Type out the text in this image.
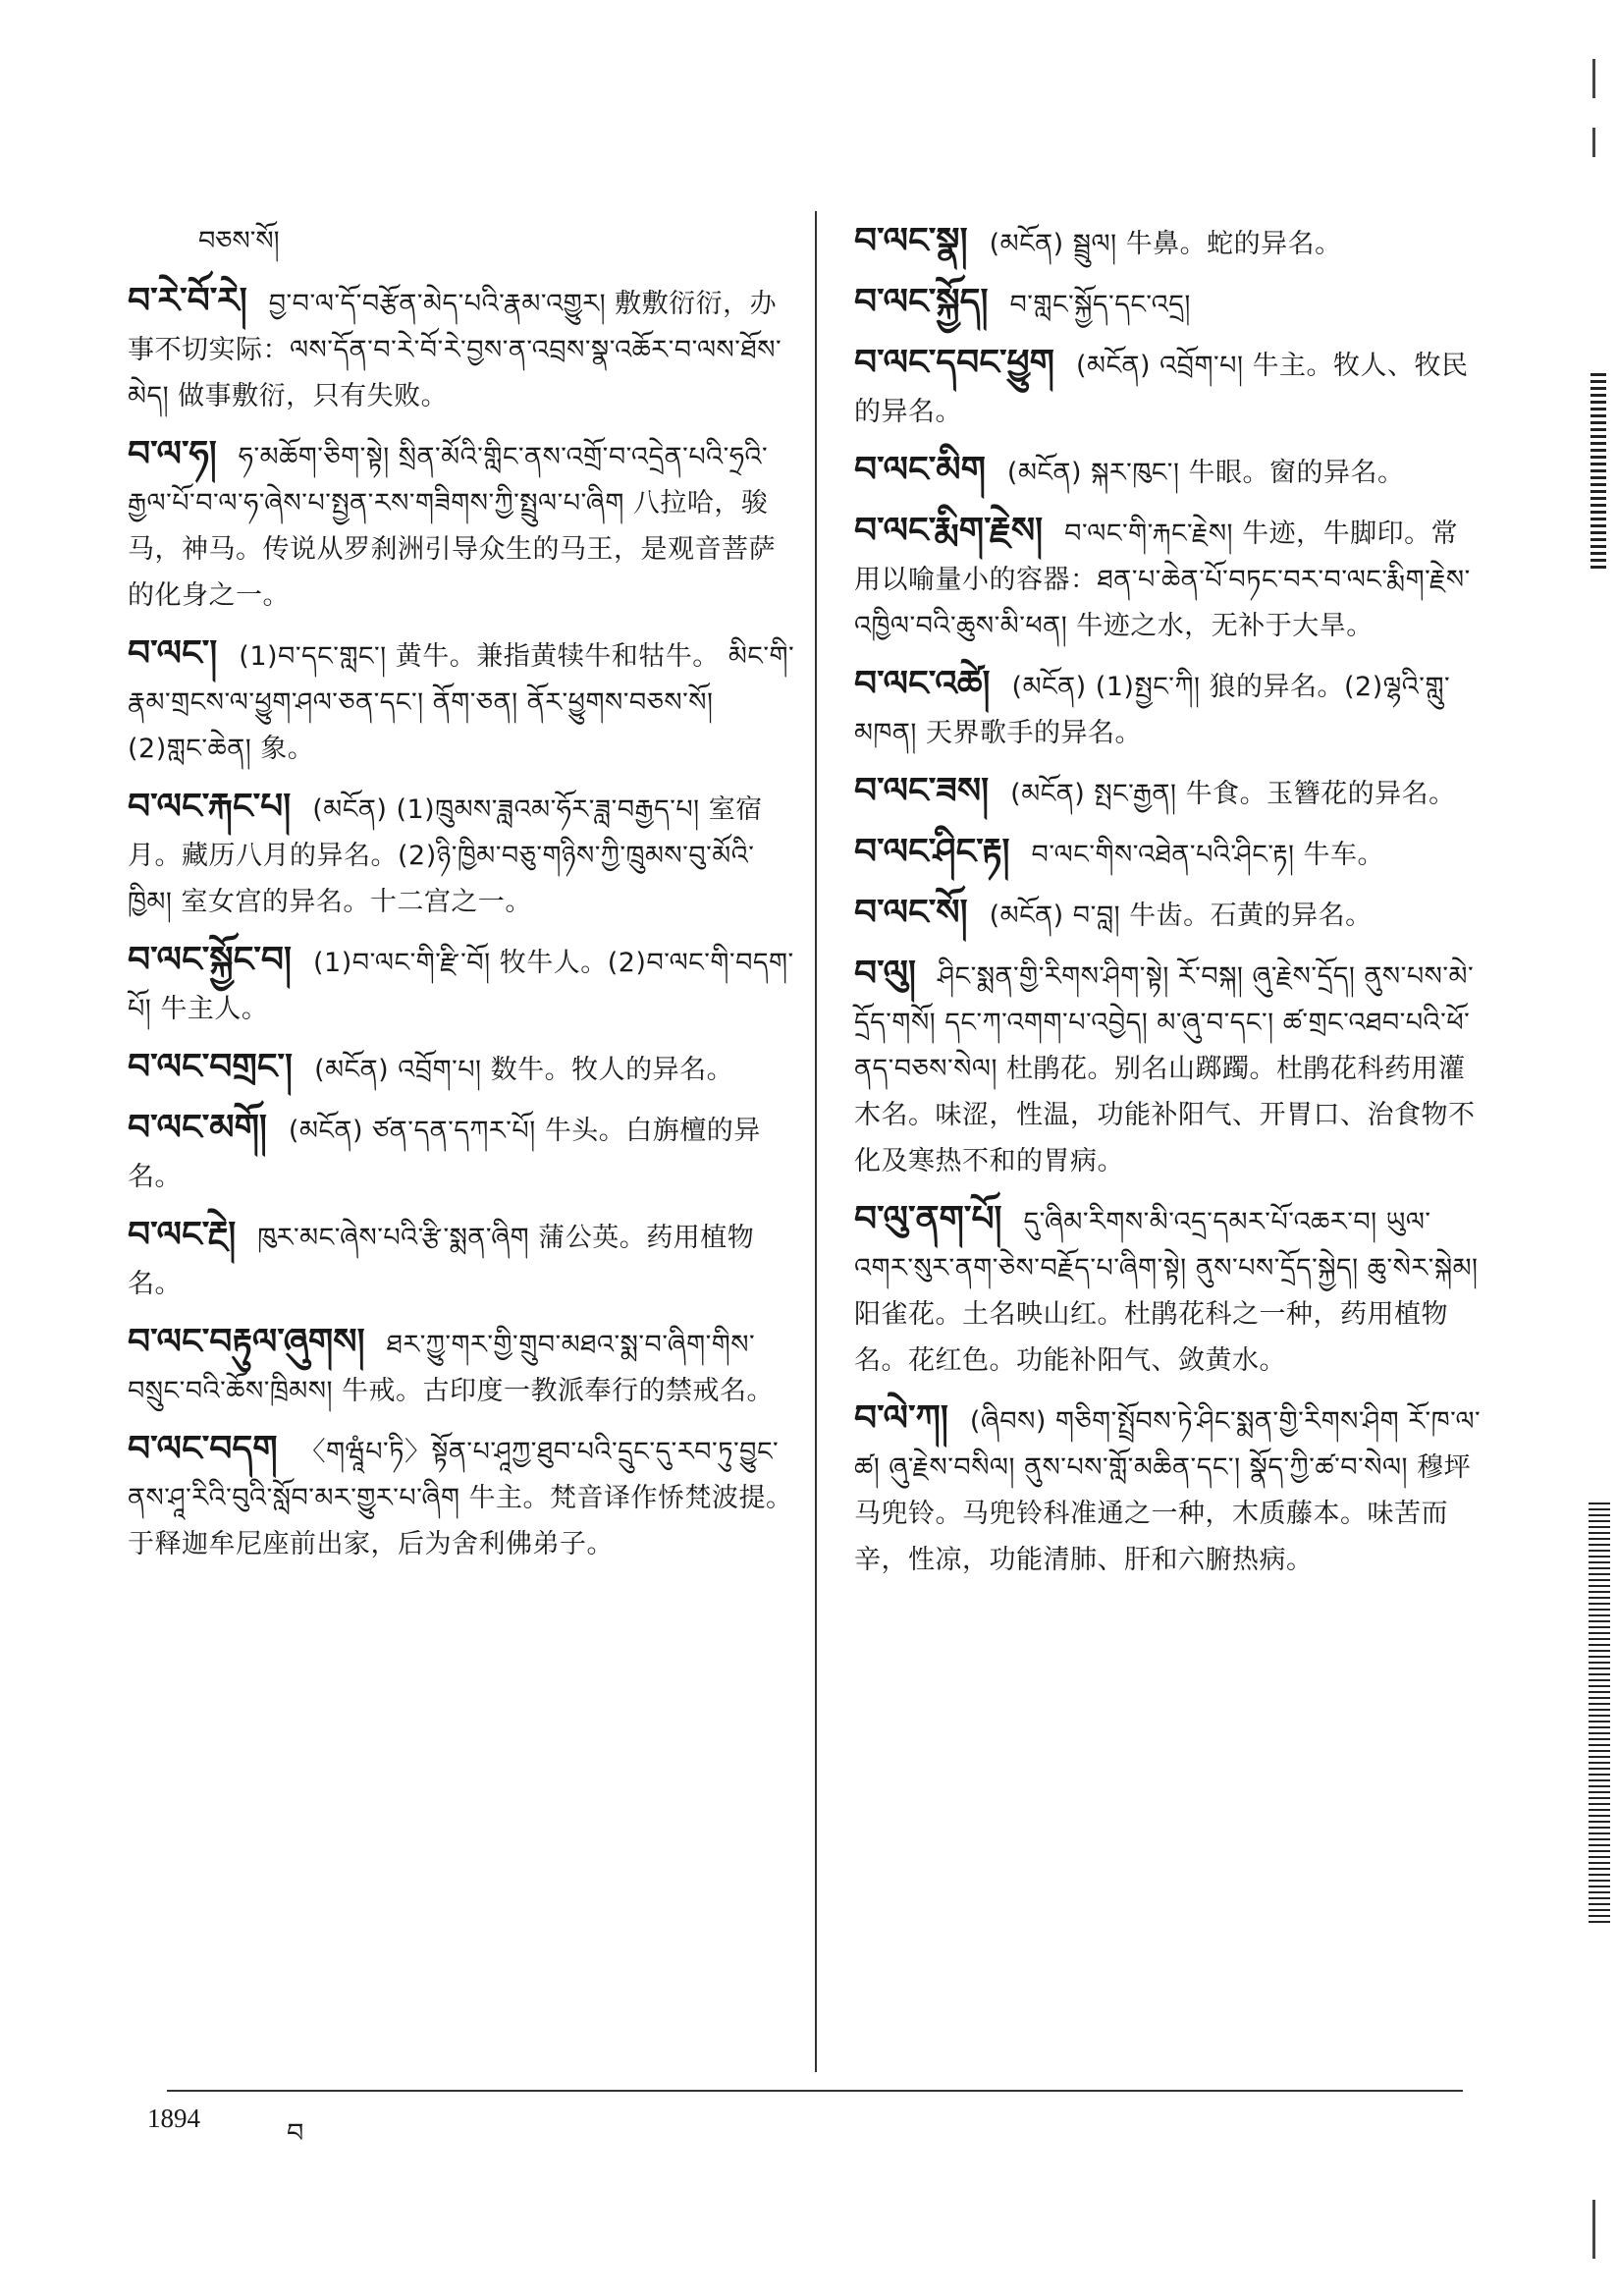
བཅས་སོ།
བ་རེ་བོ་རེ། བྱ་བ་ལ་དོ་བརྩོན་མེད་པའི་རྣམ་འགྱུར། 敷敷衍衍，办事不切实际：ལས་དོན་བ་རེ་བོ་རེ་བྱས་ན་འབྲས་སྣ་འཆོར་བ་ལས་ཐོས་མེད། 做事敷衍，只有失败。
བ་ལ་ཧ། ཧ་མཆོག་ཅིག་སྟེ། སྲིན་མོའི་གླིང་ནས་འགྲོ་བ་འདྲེན་པའི་ཧྲའི་རྒྱལ་པོ་བ་ལ་ཧ་ཞེས་པ་སྤྱན་རས་གཟིགས་ཀྱི་སྤྲུལ་པ་ཞིག 八拉哈，骏马，神马。传说从罗刹洲引导众生的马王，是观音菩萨的化身之一。
བ་ལང་། (1)བ་དང་གླང་། 黄牛。兼指黄犊牛和牯牛。 མིང་གི་རྣམ་གྲངས་ལ་ཕྱུག་ཤལ་ཅན་དང་། ནོག་ཅན། ནོར་ཕྱུགས་བཅས་སོ། (2)གླང་ཆེན། 象。
བ་ལང་རྐང་པ། (མངོན) (1)ཁྲུམས་ཟླའམ་ཧོར་ཟླ་བརྒྱད་པ། 室宿月。藏历八月的异名。(2)ཉི་ཁྱིམ་བཅུ་གཉིས་ཀྱི་ཁྲུམས་བུ་མོའི་ཁྱིམ། 室女宫的异名。十二宫之一。
བ་ལང་སྐྱོང་བ། (1)བ་ལང་གི་རྫི་བོ། 牧牛人。(2)བ་ལང་གི་བདག་པོ། 牛主人。
བ་ལང་བགྲང་། (མངོན) འབྲོག་པ། 数牛。牧人的异名。
བ་ལང་མགོ། (མངོན) ཙན་དན་དཀར་པོ། 牛头。白旃檀的异名。
བ་ལང་རྔེ། ཁུར་མང་ཞེས་པའི་རྩི་སྨན་ཞིག 蒲公英。药用植物名。
བ་ལང་བརྟུལ་ཞུགས། ཐར་ཀྱུ་གར་གྱི་གྲུབ་མཐའ་སྨ་བ་ཞིག་གིས་བསྲུང་བའི་ཆོས་ཁྲིམས། 牛戒。古印度一教派奉行的禁戒名。
བ་ལང་བདག 〈གཝཱཾཔ་ཏི〉སྟོན་པ་ཤཱཀྱ་ཐུབ་པའི་དྲུང་དུ་རབ་ཏུ་བྱུང་ནས་ཤཱ་རིའི་བུའི་སློབ་མར་གྱུར་པ་ཞིག 牛主。梵音译作㤭梵波提。于释迦牟尼座前出家，后为舍利佛弟子。
བ་ལང་སྣ། (མངོན) སྦྲུལ། 牛鼻。蛇的异名。
བ་ལང་སྐྱོད། བ་གླང་སྐྱོད་དང་འདྲ།
བ་ལང་དབང་ཕྱུག (མངོན) འབྲོག་པ། 牛主。牧人、牧民的异名。
བ་ལང་མིག (མངོན) སྐར་ཁུང་། 牛眼。窗的异名。
བ་ལང་རྨིག་རྗེས། བ་ལང་གི་རྐང་རྗེས། 牛迹，牛脚印。常用以喻量小的容器：ཐན་པ་ཆེན་པོ་བཏང་བར་བ་ལང་རྨིག་རྗེས་འཁྱིལ་བའི་ཆུས་མི་ཕན། 牛迹之水，无补于大旱。
བ་ལང་འཚེ། (མངོན) (1)སྤྱང་ཀི། 狼的异名。(2)ལྷའི་གླུ་མཁན། 天界歌手的异名。
བ་ལང་ཟས། (མངོན) སྤང་རྒྱན། 牛食。玉簪花的异名。
བ་ལང་ཤིང་རྟ། བ་ལང་གིས་འཐེན་པའི་ཤིང་རྟ། 牛车。
བ་ལང་སོ། (མངོན) བ་བླ། 牛齿。石黄的异名。
བ་ལུ། ཤིང་སྨན་གྱི་རིགས་ཤིག་སྟེ། རོ་བསྐ། ཞུ་རྗེས་དྲོད། ནུས་པས་མེ་དྲོད་གསོ། དང་ཀ་འགག་པ་འབྱེད། མ་ཞུ་བ་དང་། ཚ་གྲང་འཐབ་པའི་ཕོ་ནད་བཅས་སེལ། 杜鹃花。别名山踯躅。杜鹃花科药用灌木名。味涩，性温，功能补阳气、开胃口、治食物不化及寒热不和的胃病。
བ་ལུ་ནག་པོ། དུ་ཞིམ་རིགས་མི་འདྲ་དམར་པོ་འཆར་བ། ཡུལ་འགར་སུར་ནག་ཅེས་བརྗོད་པ་ཞིག་སྟེ། ནུས་པས་དྲོད་སྐྱེད། ཆུ་སེར་སྐེམ། 阳雀花。土名映山红。杜鹃花科之一种，药用植物名。花红色。功能补阳气、敛黄水。
བ་ལེ་ཀ། (ཞིབས) གཅིག་སྤྲོབས་ཏེ་ཤིང་སྨན་གྱི་རིགས་ཤིག རོ་ཁ་ལ་ཚ། ཞུ་རྗེས་བསིལ། ནུས་པས་གློ་མཆིན་དང་། སྣོད་ཀྱི་ཚ་བ་སེལ། 穆坪马兜铃。马兜铃科准通之一种，木质藤本。味苦而辛，性凉，功能清肺、肝和六腑热病。
1894	བ
